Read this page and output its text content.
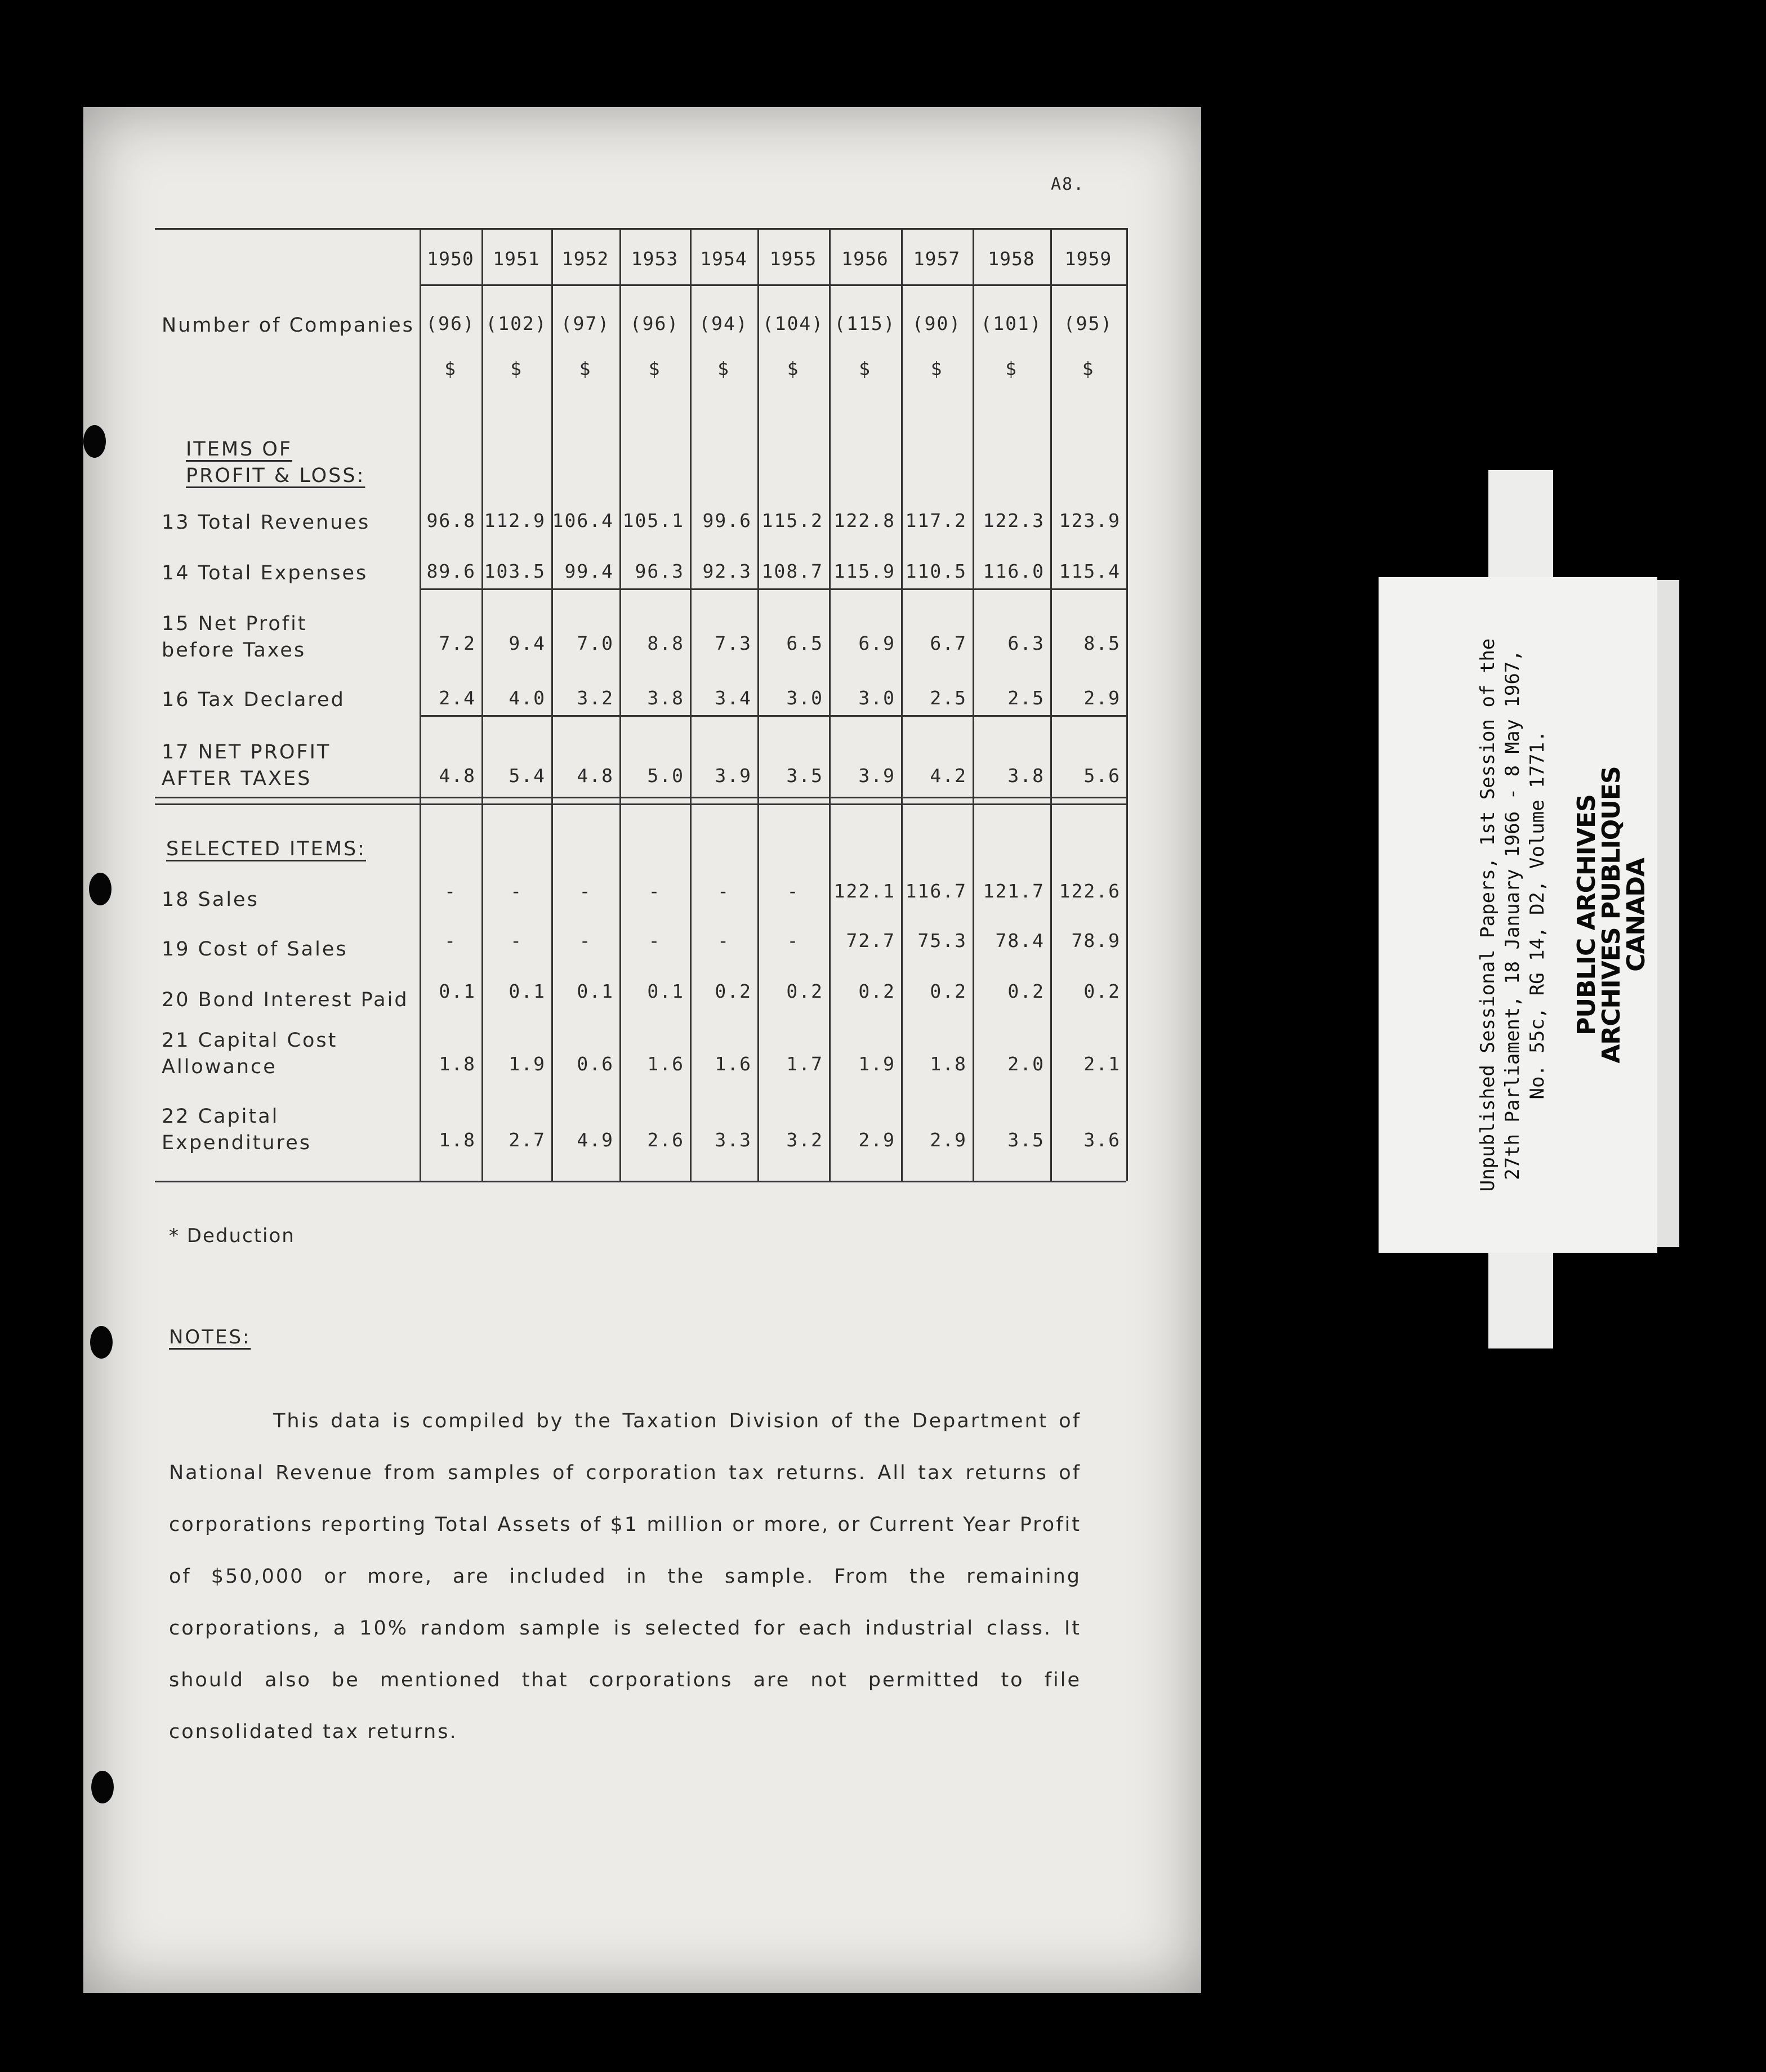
A8.
1950	1951	1952	1953	1954	1955	1956	1957	1958	1959
Number of Companies (96) (102) (97)	(96)	(94) (104) (115) (90)	(101)	(95)
$	$	$	$	$	$	$	$	$	$
ITEMS OF
PROFIT & LOSS:
13 Total Revenues	96.8 112.9 106.4 105.1 99.6 115.2 122.8 117.2 122.3 123.9
14 Total Expenses	89.6 103.5	99.4	96.3 92.3 108.7 115.9 110.5 116.0 115.4
15 Net Profit
before Taxes	7.2	9.4	7.0	8.8	7.3	6.5	6.9	6.7	6.3	8.5
16 Tax Declared	2.4	4.0	3.2	3.8	3.4	3.0	3.0	2.5	2.5	2.9
17 NET PROFIT
AFTER TAXES	4.8	5.4	4.8	5.0	3.9	3.5	3.9	4.2	3.8	5.6
SELECTED ITEMS:
18 Sales	-	-	-	-	-	-	122.1 116.7 121.7 122.6
19 Cost of Sales	-	-	-	-	-	-	72.7	75.3	78.4	78.9
20 Bond Interest Paid	0.1	0.1	0.1	0.1	0.2	0.2	0.2	0.2	0.2	0.2
21 Capital Cost
Allowance	1.8	1.9	0.6	1.6	1.6	1.7	1.9	1.8	2.0	2.1
22 Capital
Expenditures	1.8	2.7	4.9	2.6	3.3	3.2	2.9	2.9	3.5	3.6
* Deduction
NOTES:
This data is compiled by the Taxation Division of the Department of National Revenue from samples of corporation tax returns. All tax returns of corporations reporting Total Assets of $1 million or more, or Current Year Profit of $50,000 or more, are included in the sample. From the remaining corporations, a 10% random sample is selected for each industrial class. It should also be mentioned that corporations are not permitted to file consolidated tax returns.
Unpublished Sessional Papers, 1st Session of the
27th Parliament, 18 January 1966 - 8 May 1967,
No. 55c, RG 14, D2, Volume 1771.
PUBLIC ARCHIVES
ARCHIVES PUBLIQUES
CANADA
